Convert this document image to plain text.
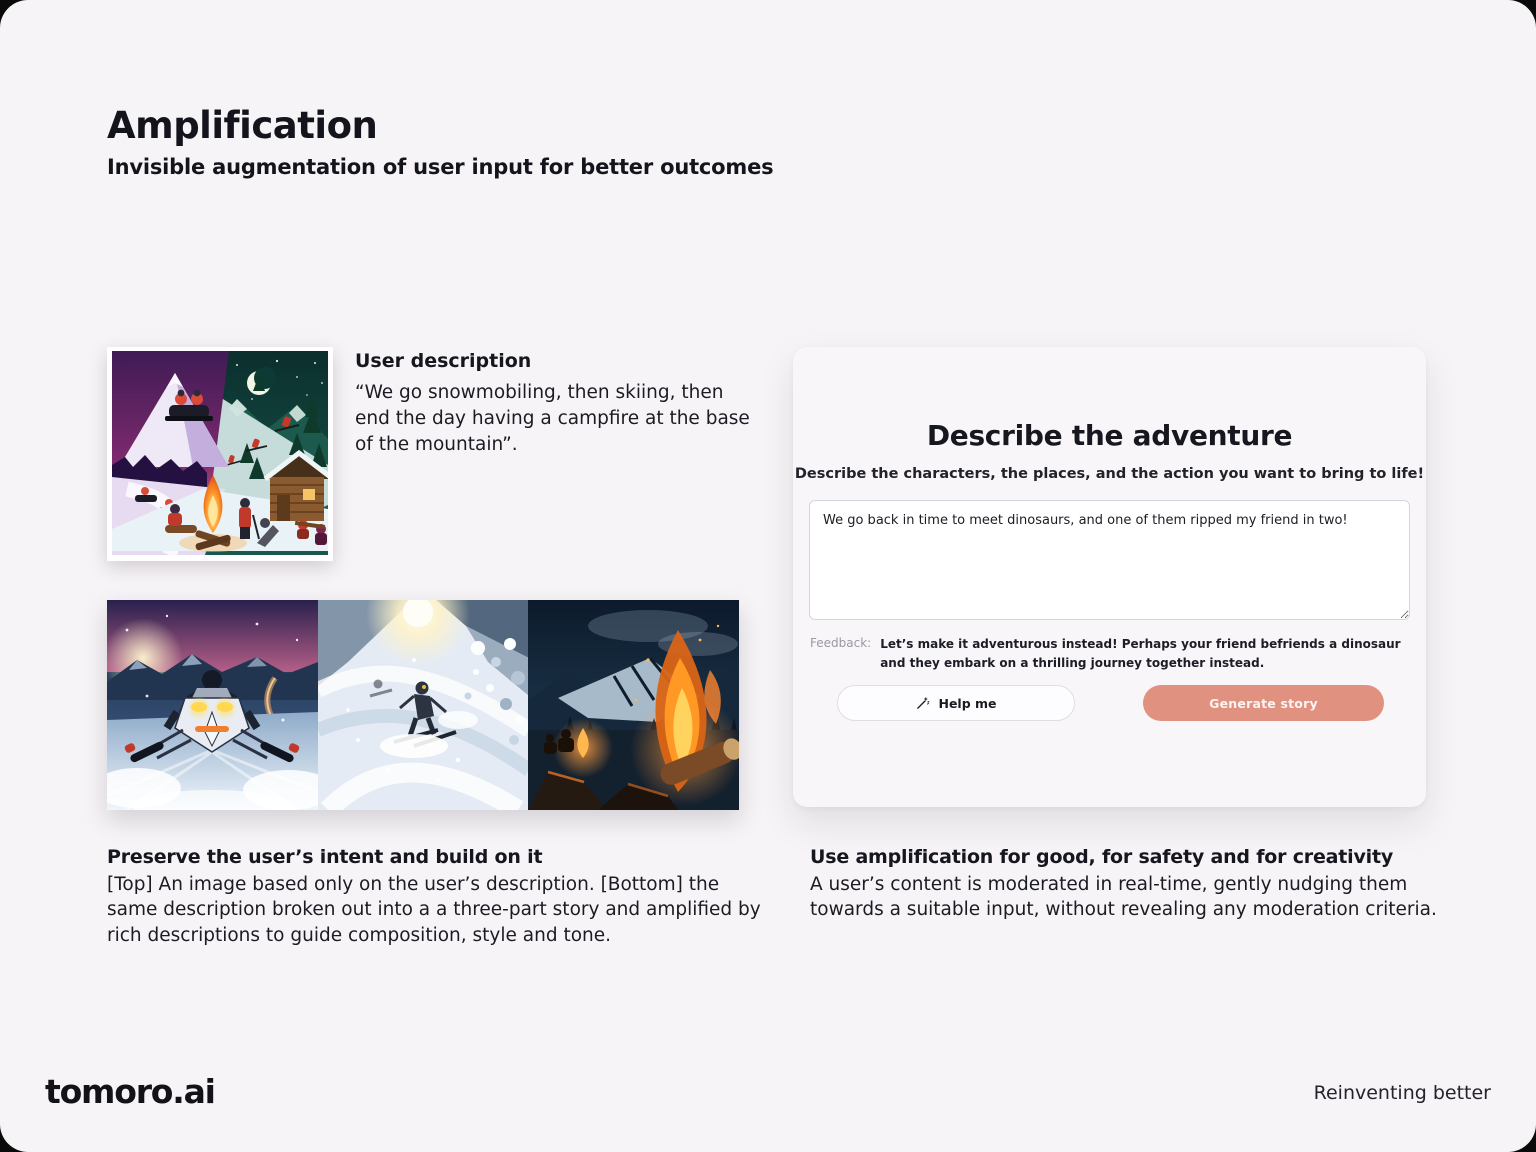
Amplification
Invisible augmentation of user input for better outcomes
User description
“We go snowmobiling, then skiing, then end the day having a campfire at the base of the mountain”.
Preserve the user’s intent and build on it

[Top] An image based only on the user’s description. [Bottom] the same description broken out into a a three-part story and amplified by rich descriptions to guide composition, style and tone.

Describe the adventure
Describe the characters, the places, and the action you want to bring to life!
We go back in time to meet dinosaurs, and one of them ripped my friend in two!
Feedback: Let’s make it adventurous instead! Perhaps your friend befriends a dinosaur and they embark on a thrilling journey together instead.
Help me	Generate story
Use amplification for good, for safety and for creativity

A user’s content is moderated in real-time, gently nudging them towards a suitable input, without revealing any moderation criteria.

tomoro.ai	Reinventing better
